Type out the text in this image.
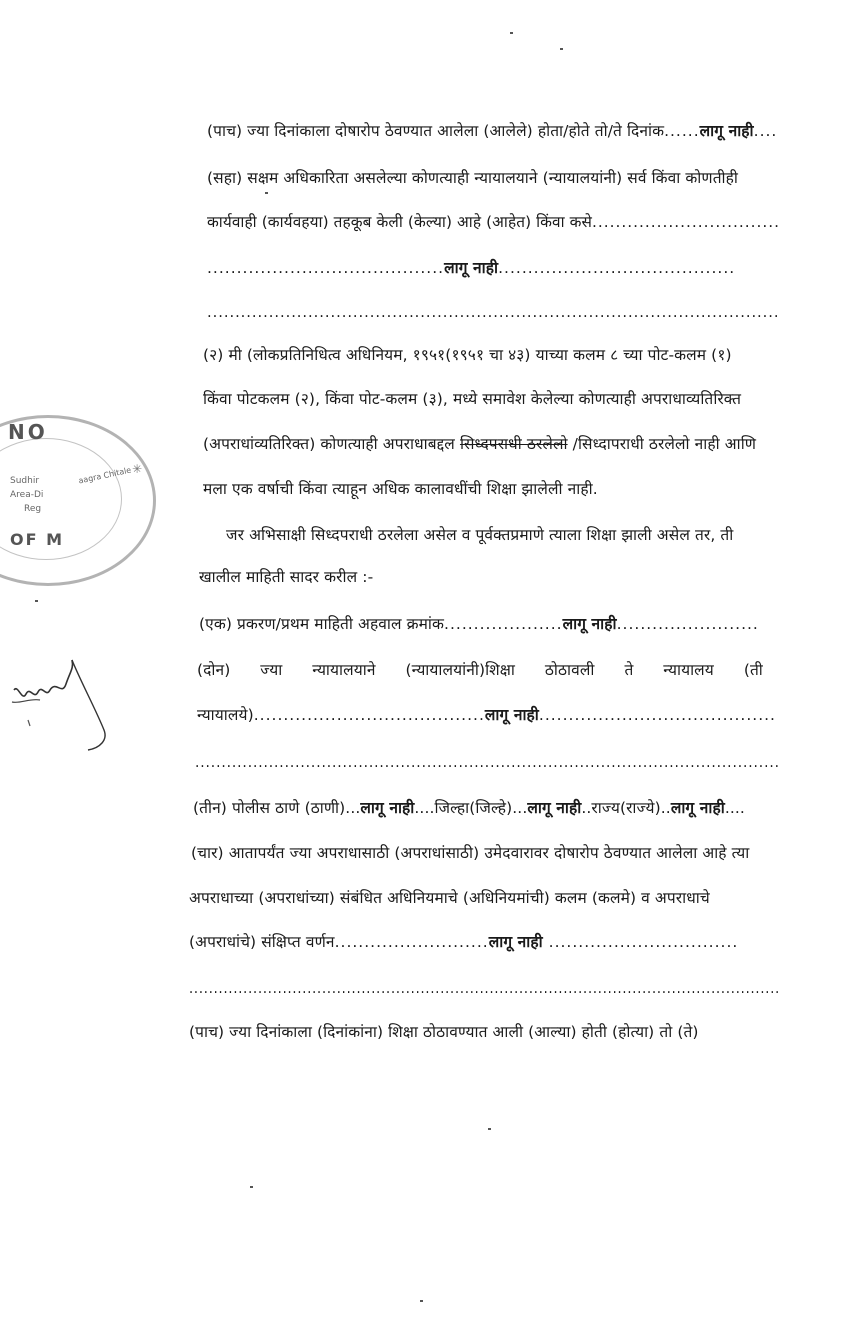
NO
Sudhir
Area-Di
Reg
aagra Chitale
OF M
✳
(पाच) ज्या दिनांकाला दोषारोप ठेवण्यात आलेला (आलेले) होता/होते तो/ते दिनांक......लागू नाही....
(सहा) सक्षम अधिकारिता असलेल्या कोणत्याही न्यायालयाने (न्यायालयांनी) सर्व किंवा कोणतीही
कार्यवाही (कार्यवहया) तहकूब केली (केल्या) आहे (आहेत) किंवा कसे................................
........................................लागू नाही........................................
......................................................................................................
(२) मी (लोकप्रतिनिधित्व अधिनियम, १९५१(१९५१ चा ४३) याच्या कलम ८ च्या पोट-कलम (१)
किंवा पोटकलम (२), किंवा पोट-कलम (३), मध्ये समावेश केलेल्या कोणत्याही अपराधाव्यतिरिक्त
(अपराधांव्यतिरिक्त) कोणत्याही अपराधाबद्दल सिध्दपराधी ठरलेलो /सिध्दापराधी ठरलेलो नाही आणि
मला एक वर्षाची किंवा त्याहून अधिक कालावधींची शिक्षा झालेली नाही.
जर अभिसाक्षी सिध्दपराधी ठरलेला असेल व पूर्वक्तप्रमाणे त्याला शिक्षा झाली असेल तर, ती
खालील माहिती सादर करील :-
(एक) प्रकरण/प्रथम माहिती अहवाल क्रमांक....................लागू नाही........................
(दोन) ज्या न्यायालयाने (न्यायालयांनी)शिक्षा ठोठावली ते न्यायालय (ती
न्यायालये).......................................लागू नाही........................................
...............................................................................................................
(तीन) पोलीस ठाणे (ठाणी)...लागू नाही....जिल्हा(जिल्हे)...लागू नाही..राज्य(राज्ये)..लागू नाही....
(चार) आतापर्यंत ज्या अपराधासाठी (अपराधांसाठी) उमेदवारावर दोषारोप ठेवण्यात आलेला आहे त्या
अपराधाच्या (अपराधांच्या) संबंधित अधिनियमाचे (अधिनियमांची) कलम (कलमे) व अपराधाचे
(अपराधांचे) संक्षिप्त वर्णन..........................लागू नाही ................................
........................................................................................................................
(पाच) ज्या दिनांकाला (दिनांकांना) शिक्षा ठोठावण्यात आली (आल्या) होती (होत्या) तो (ते)
